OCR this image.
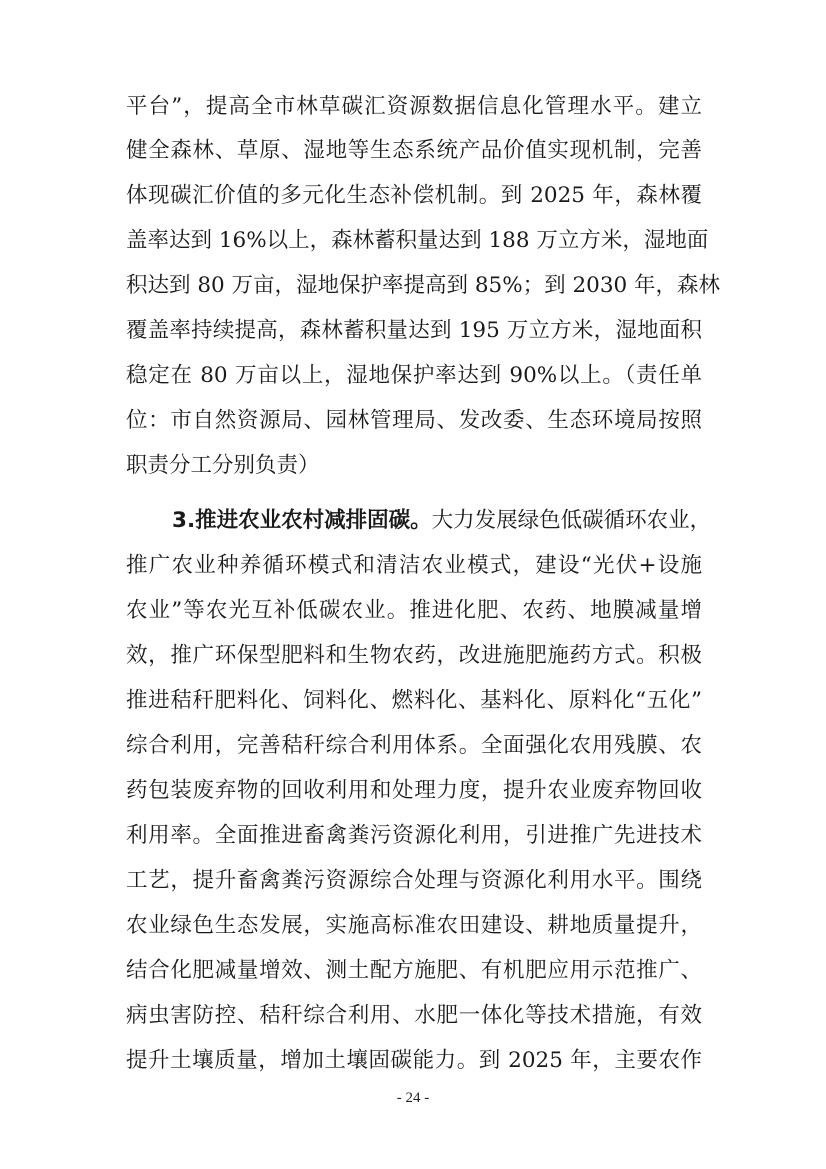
平台”，提高全市林草碳汇资源数据信息化管理水平。建立
健全森林、草原、湿地等生态系统产品价值实现机制，完善
体现碳汇价值的多元化生态补偿机制。到 2025 年，森林覆
盖率达到 16%以上，森林蓄积量达到 188 万立方米，湿地面
积达到 80 万亩，湿地保护率提高到 85%；到 2030 年，森林
覆盖率持续提高，森林蓄积量达到 195 万立方米，湿地面积
稳定在 80 万亩以上，湿地保护率达到 90%以上。（责任单
位：市自然资源局、园林管理局、发改委、生态环境局按照
职责分工分别负责）
3.推进农业农村减排固碳。大力发展绿色低碳循环农业，
推广农业种养循环模式和清洁农业模式，建设“光伏+设施
农业”等农光互补低碳农业。推进化肥、农药、地膜减量增
效，推广环保型肥料和生物农药，改进施肥施药方式。积极
推进秸秆肥料化、饲料化、燃料化、基料化、原料化“五化”
综合利用，完善秸秆综合利用体系。全面强化农用残膜、农
药包装废弃物的回收利用和处理力度，提升农业废弃物回收
利用率。全面推进畜禽粪污资源化利用，引进推广先进技术
工艺，提升畜禽粪污资源综合处理与资源化利用水平。围绕
农业绿色生态发展，实施高标准农田建设、耕地质量提升，
结合化肥减量增效、测土配方施肥、有机肥应用示范推广、
病虫害防控、秸秆综合利用、水肥一体化等技术措施，有效
提升土壤质量，增加土壤固碳能力。到 2025 年，主要农作
- 24 -
